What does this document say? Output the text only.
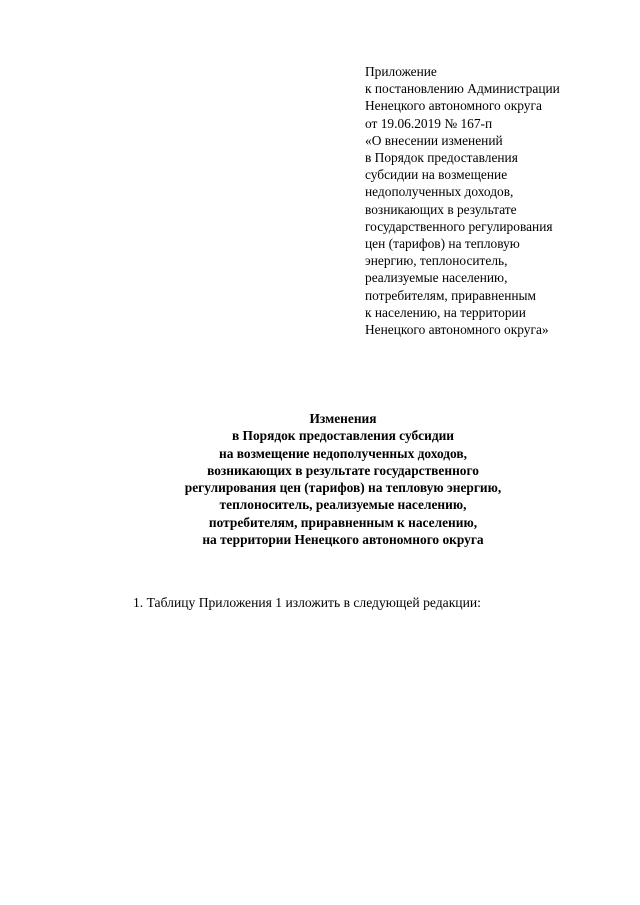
Приложение
к постановлению Администрации
Ненецкого автономного округа
от 19.06.2019 № 167-п
«О внесении изменений
в Порядок предоставления
субсидии на возмещение
недополученных доходов,
возникающих в результате
государственного регулирования
цен (тарифов) на тепловую
энергию, теплоноситель,
реализуемые населению,
потребителям, приравненным
к населению, на территории
Ненецкого автономного округа»
Изменения
в Порядок предоставления субсидии
на возмещение недополученных доходов,
возникающих в результате государственного
регулирования цен (тарифов) на тепловую энергию,
теплоноситель, реализуемые населению,
потребителям, приравненным к населению,
на территории Ненецкого автономного округа

1. Таблицу Приложения 1 изложить в следующей редакции:
